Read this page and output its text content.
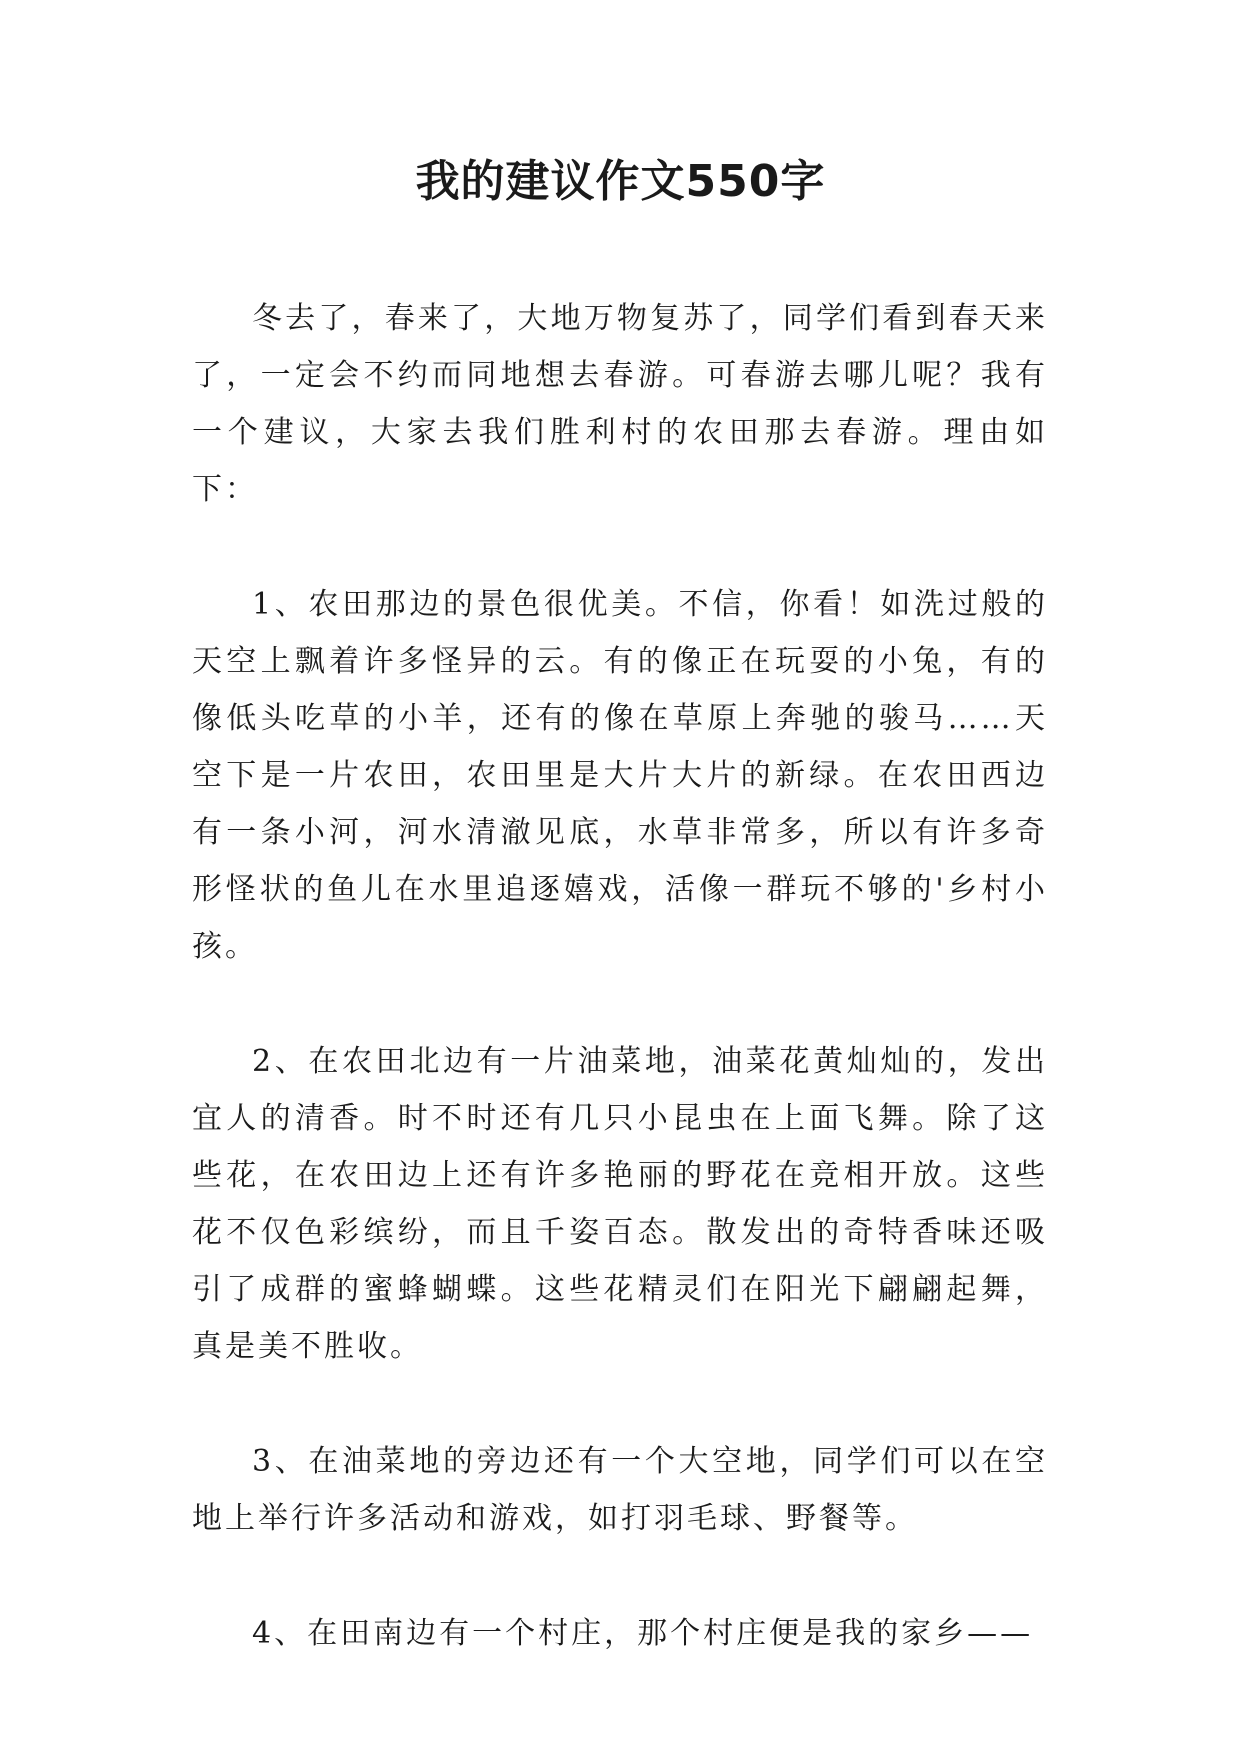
我的建议作文550字

冬去了，春来了，大地万物复苏了，同学们看到春天来了，一定会不约而同地想去春游。可春游去哪儿呢？我有一个建议，大家去我们胜利村的农田那去春游。理由如下：

1、农田那边的景色很优美。不信，你看！如洗过般的天空上飘着许多怪异的云。有的像正在玩耍的小兔，有的像低头吃草的小羊，还有的像在草原上奔驰的骏马……天空下是一片农田，农田里是大片大片的新绿。在农田西边有一条小河，河水清澈见底，水草非常多，所以有许多奇形怪状的鱼儿在水里追逐嬉戏，活像一群玩不够的'乡村小孩。

2、在农田北边有一片油菜地，油菜花黄灿灿的，发出宜人的清香。时不时还有几只小昆虫在上面飞舞。除了这些花，在农田边上还有许多艳丽的野花在竞相开放。这些花不仅色彩缤纷，而且千姿百态。散发出的奇特香味还吸引了成群的蜜蜂蝴蝶。这些花精灵们在阳光下翩翩起舞，真是美不胜收。

3、在油菜地的旁边还有一个大空地，同学们可以在空地上举行许多活动和游戏，如打羽毛球、野餐等。

4、在田南边有一个村庄，那个村庄便是我的家乡——
